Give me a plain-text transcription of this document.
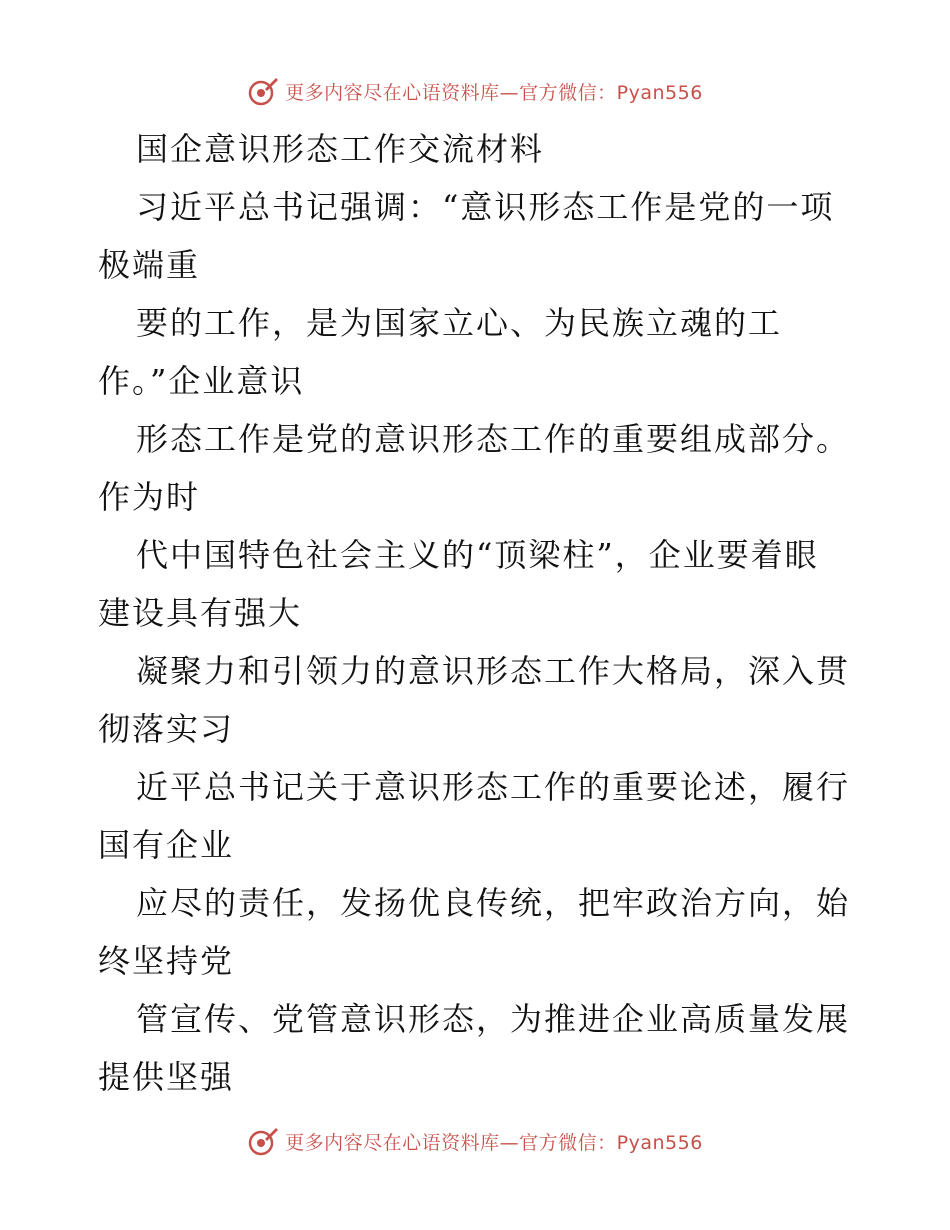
更多内容尽在心语资料库—官方微信：Pyan556
国企意识形态工作交流材料
习近平总书记强调：“意识形态工作是党的一项
极端重
要的工作，是为国家立心、为民族立魂的工
作。”企业意识
形态工作是党的意识形态工作的重要组成部分。
作为时
代中国特色社会主义的“顶梁柱”，企业要着眼
建设具有强大
凝聚力和引领力的意识形态工作大格局，深入贯
彻落实习
近平总书记关于意识形态工作的重要论述，履行
国有企业
应尽的责任，发扬优良传统，把牢政治方向，始
终坚持党
管宣传、党管意识形态，为推进企业高质量发展
提供坚强
更多内容尽在心语资料库—官方微信：Pyan556
